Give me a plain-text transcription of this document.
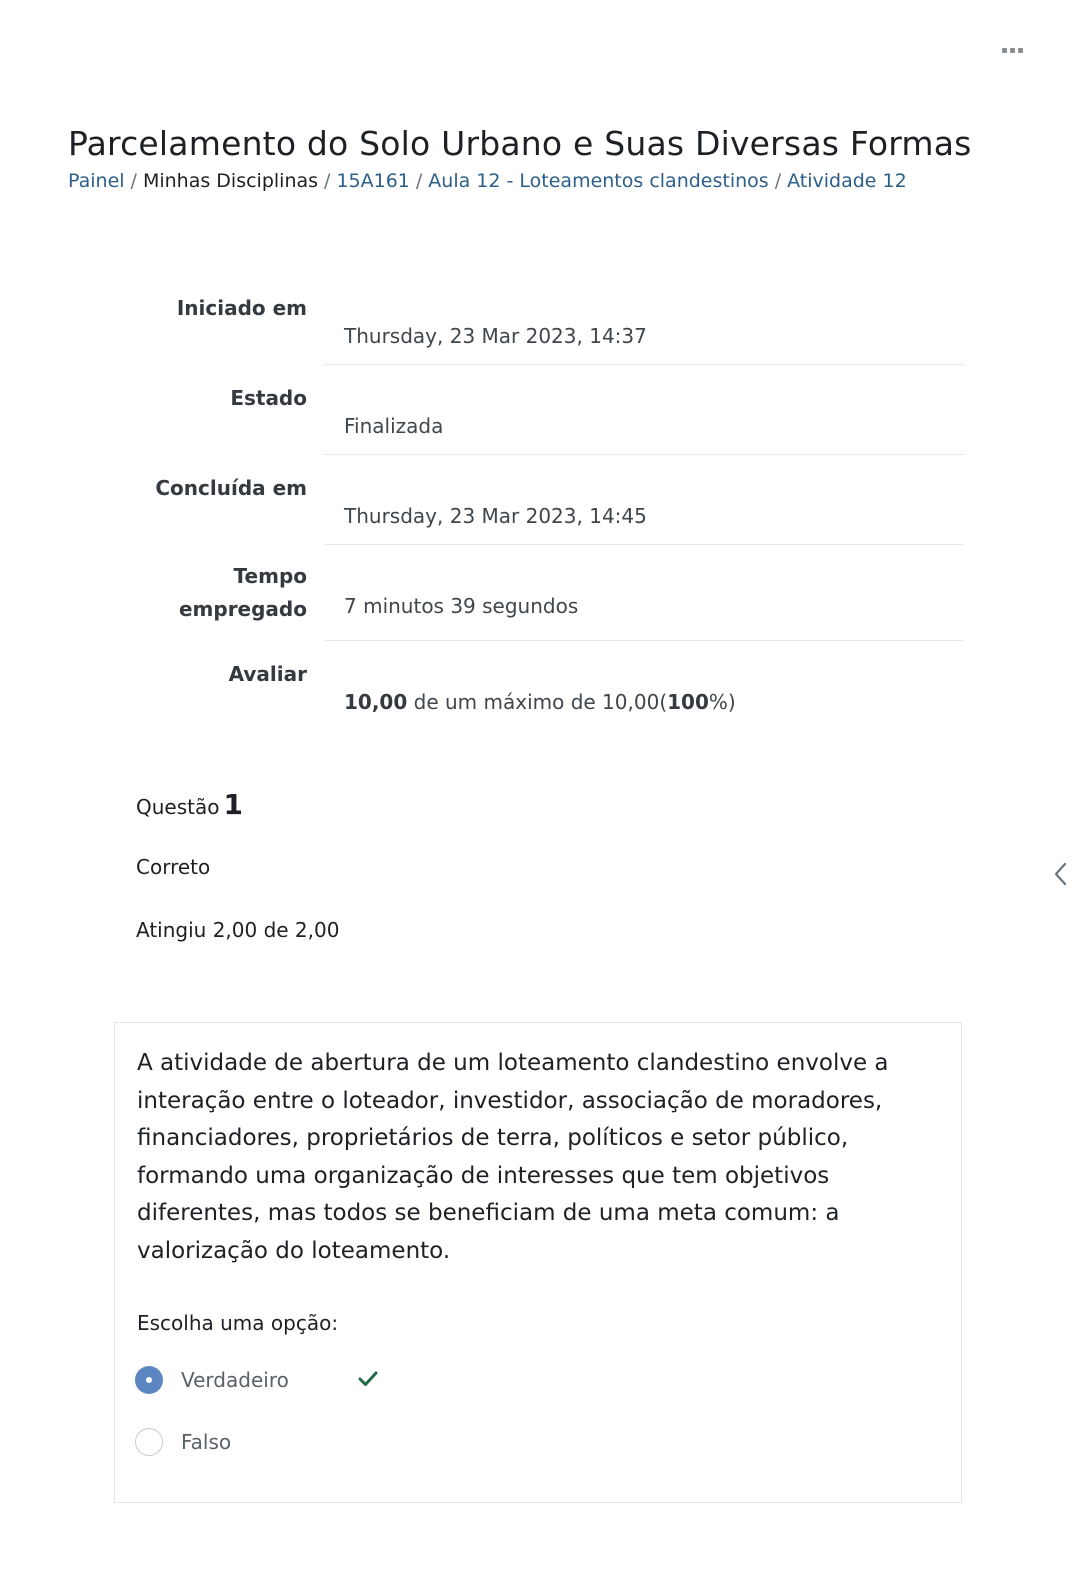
Parcelamento do Solo Urbano e Suas Diversas Formas
Painel / Minhas Disciplinas / 15A161 / Aula 12 - Loteamentos clandestinos / Atividade 12
Iniciado em
Thursday, 23 Mar 2023, 14:37
Estado
Finalizada
Concluída em
Thursday, 23 Mar 2023, 14:45
Tempo
empregado 7 minutos 39 segundos
Avaliar
10,00 de um máximo de 10,00(100%)
Questão 1
Correto
Atingiu 2,00 de 2,00

A atividade de abertura de um loteamento clandestino envolve a interação entre o loteador, investidor, associação de moradores, financiadores, proprietários de terra, políticos e setor público, formando uma organização de interesses que tem objetivos diferentes, mas todos se beneficiam de uma meta comum: a valorização do loteamento.

Escolha uma opção:
Verdadeiro
Falso
